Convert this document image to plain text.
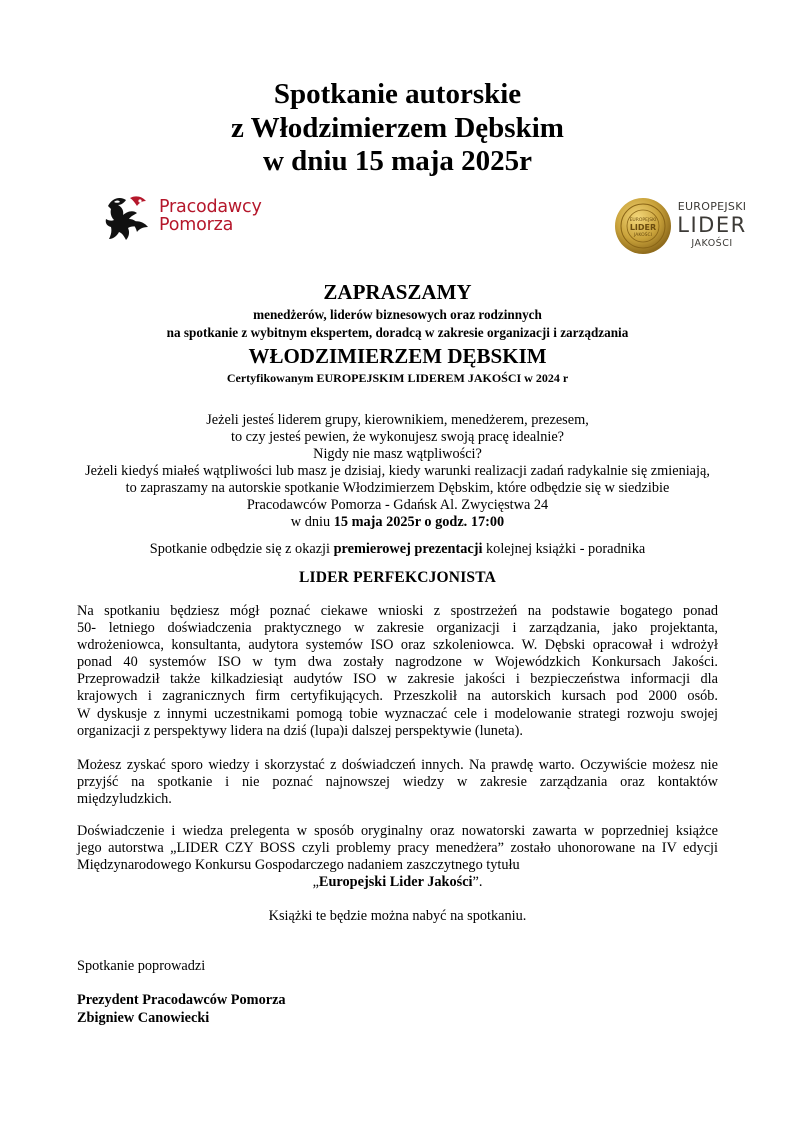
Spotkanie autorskie
z Włodzimierzem Dębskim
w dniu 15 maja 2025r
Pracodawcy
Pomorza	EUROPEJSKI
LIDER
JAKOŚCI
EUROPEJSKI
LIDER
JAKOŚCI
ZAPRASZAMY
menedżerów, liderów biznesowych oraz rodzinnych
na spotkanie z wybitnym ekspertem, doradcą w zakresie organizacji i zarządzania
WŁODZIMIERZEM DĘBSKIM
Certyfikowanym EUROPEJSKIM LIDEREM JAKOŚCI w 2024 r
Jeżeli jesteś liderem grupy, kierownikiem, menedżerem, prezesem,
to czy jesteś pewien, że wykonujesz swoją pracę idealnie?
Nigdy nie masz wątpliwości?
Jeżeli kiedyś miałeś wątpliwości lub masz je dzisiaj, kiedy warunki realizacji zadań radykalnie się zmieniają,
to zapraszamy na autorskie spotkanie Włodzimierzem Dębskim, które odbędzie się w siedzibie
Pracodawców Pomorza - Gdańsk Al. Zwycięstwa 24
w dniu 15 maja 2025r o godz. 17:00
Spotkanie odbędzie się z okazji premierowej prezentacji kolejnej książki - poradnika
LIDER PERFEKCJONISTA
Na spotkaniu będziesz mógł poznać ciekawe wnioski z spostrzeżeń na podstawie bogatego ponad
50- letniego doświadczenia praktycznego w zakresie organizacji i zarządzania, jako projektanta,
wdrożeniowca, konsultanta, audytora systemów ISO oraz szkoleniowca. W. Dębski opracował i wdrożył
ponad 40 systemów ISO w tym dwa zostały nagrodzone w Wojewódzkich Konkursach Jakości.
Przeprowadził także kilkadziesiąt audytów ISO w zakresie jakości i bezpieczeństwa informacji dla
krajowych i zagranicznych firm certyfikujących. Przeszkolił na autorskich kursach pod 2000 osób.
W dyskusje z innymi uczestnikami pomogą tobie wyznaczać cele i modelowanie strategi rozwoju swojej
organizacji z perspektywy lidera na dziś (lupa)i dalszej perspektywie (luneta).
Możesz zyskać sporo wiedzy i skorzystać z doświadczeń innych. Na prawdę warto. Oczywiście możesz nie
przyjść na spotkanie i nie poznać najnowszej wiedzy w zakresie zarządzania oraz kontaktów
międzyludzkich.
Doświadczenie i wiedza prelegenta w sposób oryginalny oraz nowatorski zawarta w poprzedniej książce
jego autorstwa „LIDER CZY BOSS czyli problemy pracy menedżera” zostało uhonorowane na IV edycji
Międzynarodowego Konkursu Gospodarczego nadaniem zaszczytnego tytułu
„Europejski Lider Jakości”.
Książki te będzie można nabyć na spotkaniu.
Spotkanie poprowadzi
Prezydent Pracodawców Pomorza
Zbigniew Canowiecki
